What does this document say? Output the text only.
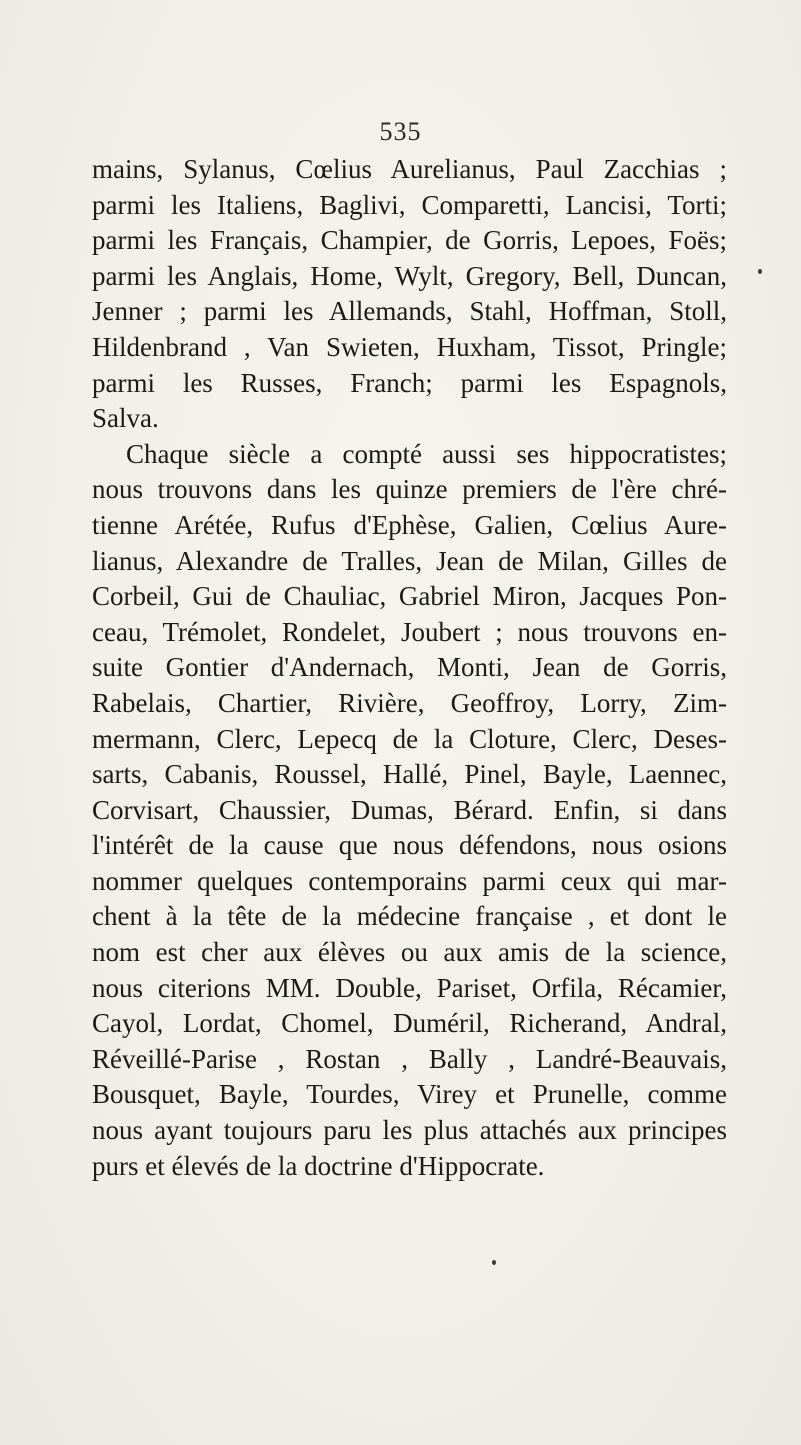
535
mains, Sylanus, Cœlius Aurelianus, Paul Zacchias ;
parmi les Italiens, Baglivi, Comparetti, Lancisi, Torti;
parmi les Français, Champier, de Gorris, Lepoes, Foës;
parmi les Anglais, Home, Wylt, Gregory, Bell, Duncan,
Jenner ; parmi les Allemands, Stahl, Hoffman, Stoll,
Hildenbrand , Van Swieten, Huxham, Tissot, Pringle;
parmi les Russes, Franch; parmi les Espagnols,
Salva.
Chaque siècle a compté aussi ses hippocratistes;
nous trouvons dans les quinze premiers de l'ère chré-
tienne Arétée, Rufus d'Ephèse, Galien, Cœlius Aure-
lianus, Alexandre de Tralles, Jean de Milan, Gilles de
Corbeil, Gui de Chauliac, Gabriel Miron, Jacques Pon-
ceau, Trémolet, Rondelet, Joubert ; nous trouvons en-
suite Gontier d'Andernach, Monti, Jean de Gorris,
Rabelais, Chartier, Rivière, Geoffroy, Lorry, Zim-
mermann, Clerc, Lepecq de la Cloture, Clerc, Deses-
sarts, Cabanis, Roussel, Hallé, Pinel, Bayle, Laennec,
Corvisart, Chaussier, Dumas, Bérard. Enfin, si dans
l'intérêt de la cause que nous défendons, nous osions
nommer quelques contemporains parmi ceux qui mar-
chent à la tête de la médecine française , et dont le
nom est cher aux élèves ou aux amis de la science,
nous citerions MM. Double, Pariset, Orfila, Récamier,
Cayol, Lordat, Chomel, Duméril, Richerand, Andral,
Réveillé-Parise , Rostan , Bally , Landré-Beauvais,
Bousquet, Bayle, Tourdes, Virey et Prunelle, comme
nous ayant toujours paru les plus attachés aux principes
purs et élevés de la doctrine d'Hippocrate.
